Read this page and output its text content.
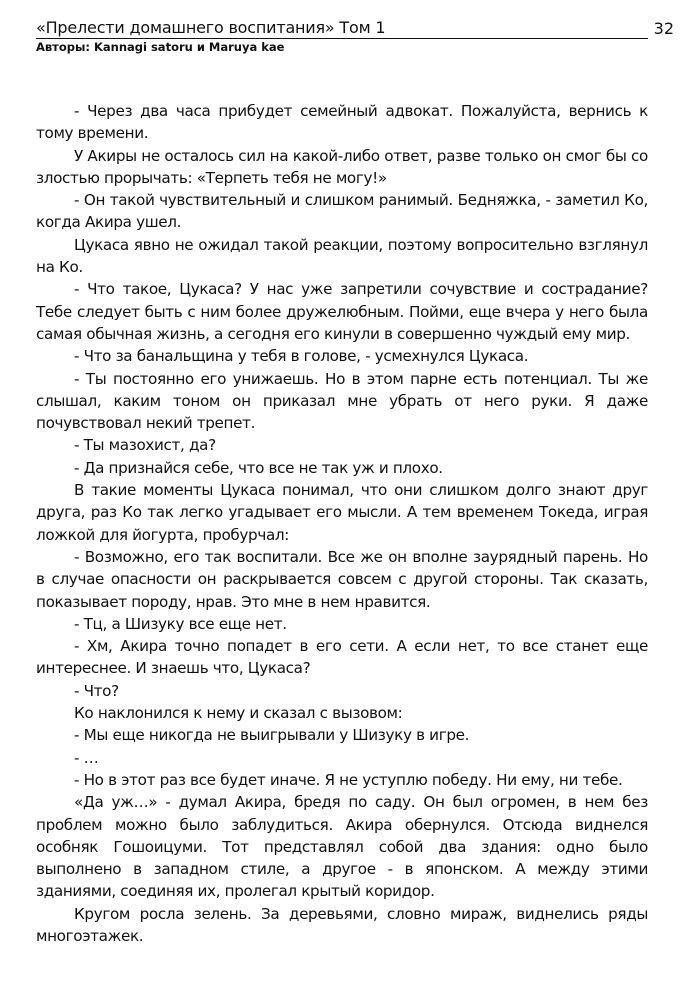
«Прелести домашнего воспитания» Том 1	32
Авторы: Kannagi satoru и Maruya kae

- Через два часа прибудет семейный адвокат. Пожалуйста, вернись к тому времени.

У Акиры не осталось сил на какой-либо ответ, разве только он смог бы со злостью прорычать: «Терпеть тебя не могу!»

- Он такой чувствительный и слишком ранимый. Бедняжка, - заметил Ко, когда Акира ушел.

Цукаса явно не ожидал такой реакции, поэтому вопросительно взглянул на Ко.

- Что такое, Цукаса? У нас уже запретили сочувствие и сострадание? Тебе следует быть с ним более дружелюбным. Пойми, еще вчера у него была самая обычная жизнь, а сегодня его кинули в совершенно чуждый ему мир.

- Что за банальщина у тебя в голове, - усмехнулся Цукаса.

- Ты постоянно его унижаешь. Но в этом парне есть потенциал. Ты же слышал, каким тоном он приказал мне убрать от него руки. Я даже почувствовал некий трепет.

- Ты мазохист, да?

- Да признайся себе, что все не так уж и плохо.

В такие моменты Цукаса понимал, что они слишком долго знают друг друга, раз Ко так легко угадывает его мысли. А тем временем Токеда, играя ложкой для йогурта, пробурчал:

- Возможно, его так воспитали. Все же он вполне заурядный парень. Но в случае опасности он раскрывается совсем с другой стороны. Так сказать, показывает породу, нрав. Это мне в нем нравится.

- Тц, а Шизуку все еще нет.

- Хм, Акира точно попадет в его сети. А если нет, то все станет еще интереснее. И знаешь что, Цукаса?

- Что?

Ко наклонился к нему и сказал с вызовом:

- Мы еще никогда не выигрывали у Шизуку в игре.

- …

- Но в этот раз все будет иначе. Я не уступлю победу. Ни ему, ни тебе.

«Да уж…» - думал Акира, бредя по саду. Он был огромен, в нем без проблем можно было заблудиться. Акира обернулся. Отсюда виднелся особняк Гошоицуми. Тот представлял собой два здания: одно было выполнено в западном стиле, а другое - в японском. А между этими зданиями, соединяя их, пролегал крытый коридор.

Кругом росла зелень. За деревьями, словно мираж, виднелись ряды многоэтажек.
